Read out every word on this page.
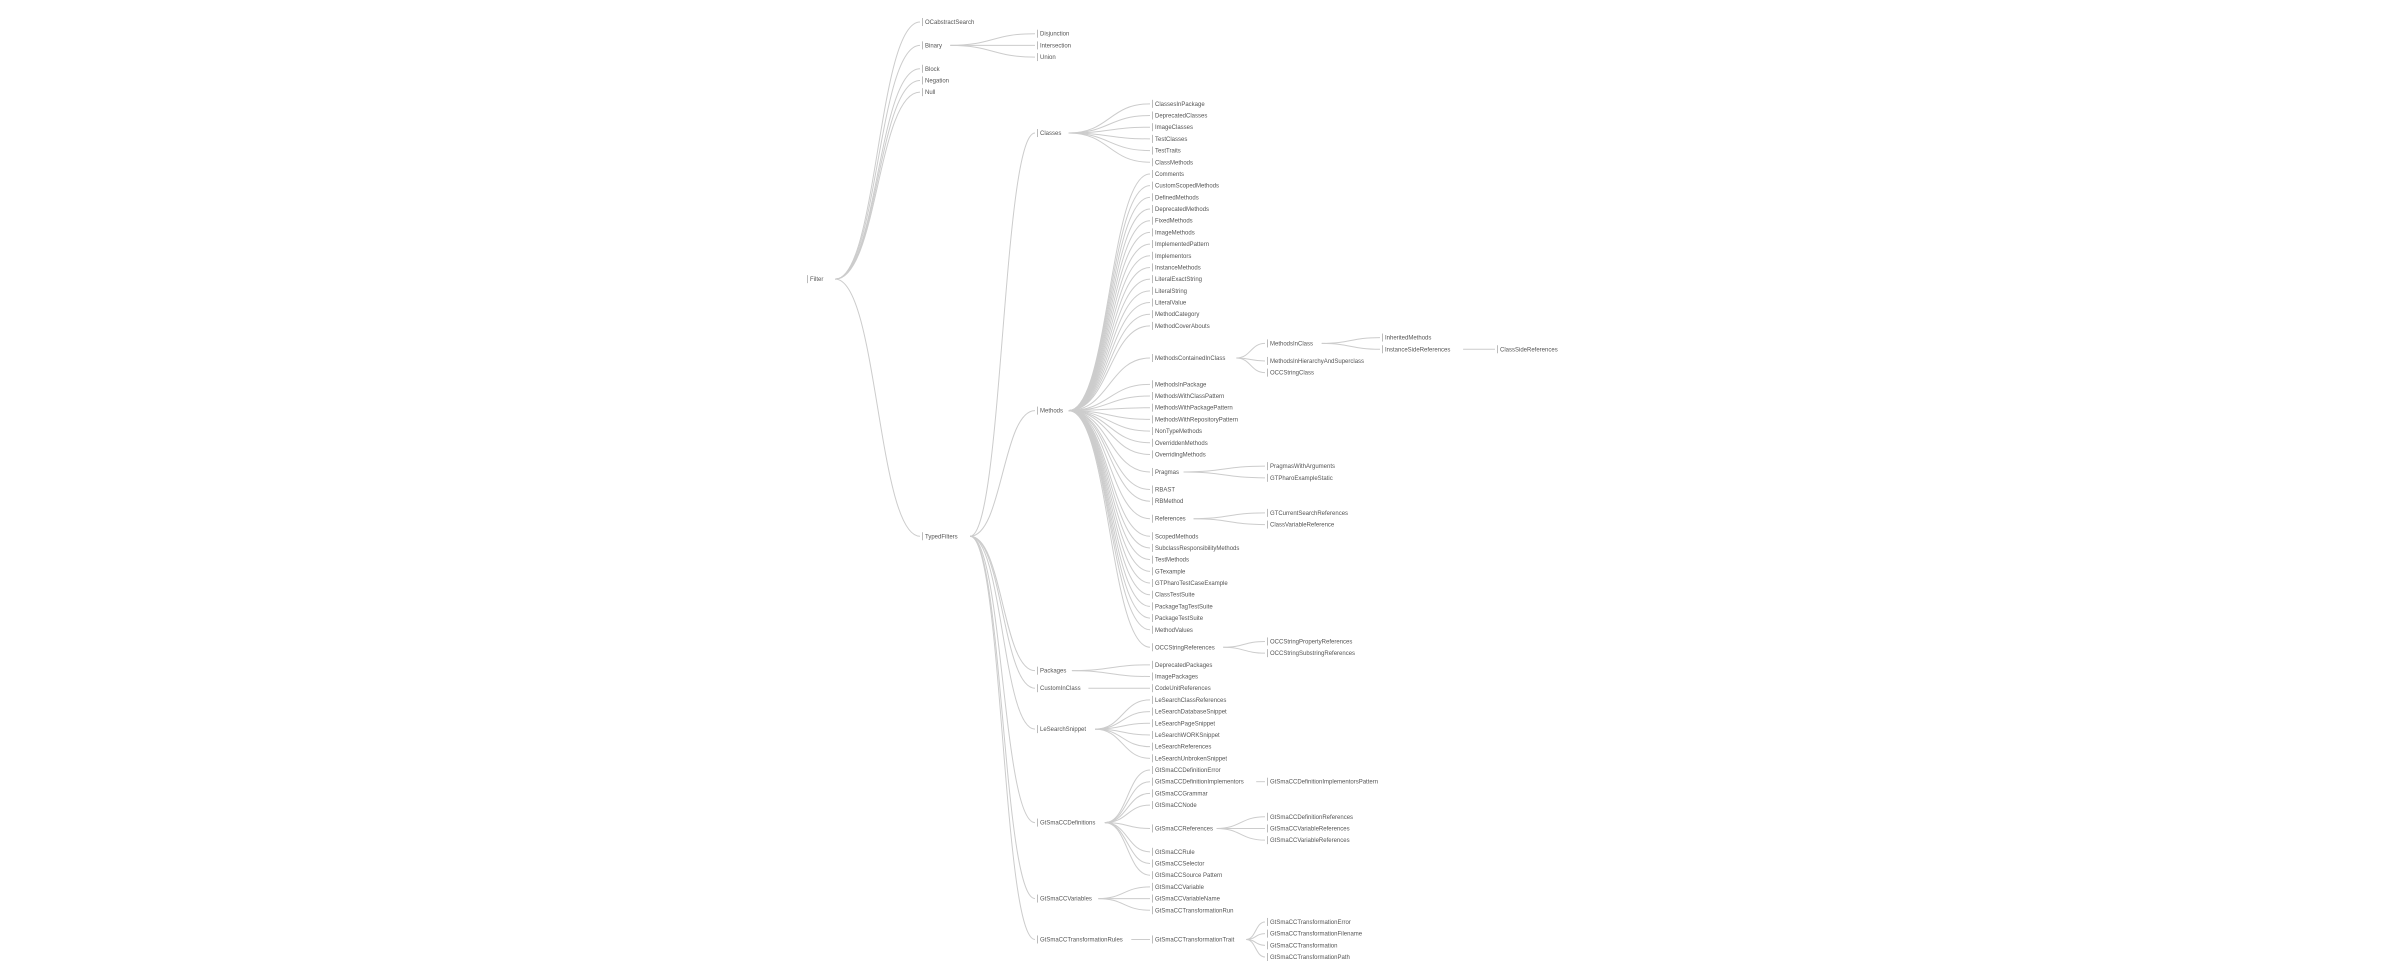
Filter
OCabstractSearch
Binary
Disjunction
Intersection
Union
Block
Negation
Null
TypedFilters
Classes
ClassesInPackage
DeprecatedClasses
ImageClasses
TestClasses
TestTraits
ClassMethods
Methods
Comments
CustomScopedMethods
DefinedMethods
DeprecatedMethods
FixedMethods
ImageMethods
ImplementedPattern
Implementors
InstanceMethods
LiteralExactString
LiteralString
LiteralValue
MethodCategory
MethodCoverAbouts
MethodsContainedInClass
MethodsInClass
InheritedMethods
InstanceSideReferences	ClassSideReferences
MethodsInHierarchyAndSuperclass
OCCStringClass
MethodsInPackage
MethodsWithClassPattern
MethodsWithPackagePattern
MethodsWithRepositoryPattern
NonTypeMethods
OverriddenMethods
OverridingMethods
Pragmas
PragmasWithArguments
GTPharoExampleStatic
RBAST
RBMethod
References
GTCurrentSearchReferences
ClassVariableReference
ScopedMethods
SubclassResponsibilityMethods
TestMethods
GTexample
GTPharoTestCaseExample
ClassTestSuite
PackageTagTestSuite
PackageTestSuite
MethodValues
OCCStringReferences
OCCStringPropertyReferences
OCCStringSubstringReferences
Packages
DeprecatedPackages
ImagePackages
CustomInClass	CodeUnitReferences
LeSearchSnippet
LeSearchClassReferences
LeSearchDatabaseSnippet
LeSearchPageSnippet
LeSearchWORKSnippet
LeSearchReferences
LeSearchUnbrokenSnippet
GtSmaCCDefinitions
GtSmaCCDefinitionError
GtSmaCCDefinitionImplementors	GtSmaCCDefinitionImplementorsPattern
GtSmaCCGrammar
GtSmaCCNode
GtSmaCCReferences
GtSmaCCDefinitionReferences
GtSmaCCVariableReferences
GtSmaCCVariableReferences
GtSmaCCRule
GtSmaCCSelector
GtSmaCCSource Pattern
GtSmaCCVariables
GtSmaCCVariable
GtSmaCCVariableName
GtSmaCCTransformationRun
GtSmaCCTransformationRules	GtSmaCCTransformationTrait
GtSmaCCTransformationError
GtSmaCCTransformationFilename
GtSmaCCTransformation
GtSmaCCTransformationPath
